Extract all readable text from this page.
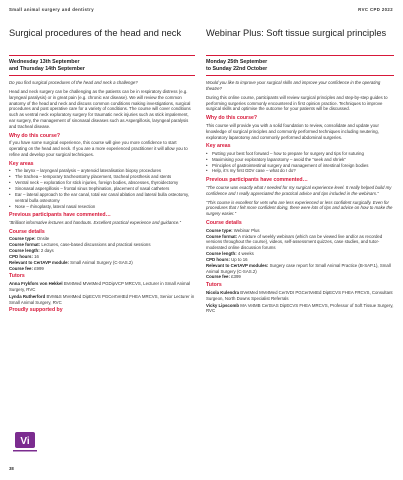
Small animal surgery and dentistry	RVC CPD 2022
Surgical procedures of the head and neck
Wednesday 13th September
and Thursday 14th September

Do you find surgical procedures of the head and neck a challenge?

Head and neck surgery can be challenging as the patients can be in respiratory distress (e.g. laryngeal paralysis) or in great pain (e.g. chronic ear disease). We will review the common anatomy of the head and neck and discuss common conditions making investigations, surgical procedures and post operative care for a variety of conditions. The course will cover conditions such as ventral neck exploratory surgery for traumatic neck injuries such as stick impalement, ear surgery, the management of sinonasal diseases such as Aspergillosis, laryngeal paralysis and tracheal disease.

Why do this course?

If you have some surgical experience, this course will give you more confidence to start operating on the head and neck. If you are a more experienced practitioner it will allow you to refine and develop your surgical techniques.

Key areas
• The larynx – laryngeal paralysis – arytenoid lateralisation biopsy procedures
• The trachea – temporary tracheostomy placement, tracheal prosthesis and stents
• Ventral neck – exploration for stick injuries, foreign bodies, abscesses, thyroidectomy
• Sinonasal aspergillosis – frontal sinus trephination, placement of nasal catheters
• Ear – lateral approach to the ear canal, total ear canal ablation and lateral bulla osteotomy, ventral bulla osteotomy
• Nose – rhinoplasty, lateral nasal resection
Previous participants have commented…

“Brilliant informative lectures and handouts. Excellent practical experience and guidance.”

Course details
Course type: Onsite
Course format: Lectures, case-based discussions and practical sessions
Course length: 2 days
CPD hours: 16
Relevant to CertAVP module: Small Animal Surgery (C-SAS.2)
Course fee: £999
Tutors
Anna Frykfors von Hekkel BVetMed MVetMed PGDipVCP MRCVS, Lecturer in Small Animal Surgery, RVC
Lynda Rutherford BVM&S MVetMed DipECVS PGCertVetEd FHEA MRCVS, Senior Lecturer in Small Animal Surgery, RVC
Proudly supported by
Vi
Webinar Plus: Soft tissue surgical principles
Monday 25th September
to Sunday 22nd October

Would you like to improve your surgical skills and improve your confidence in the operating theatre?

During this online course, participants will review surgical principles and step-by-step guides to performing surgeries commonly encountered in first opinion practice. Techniques to improve surgical skills and optimise the outcome for your patients will be discussed.

Why do this course?

This course will provide you with a solid foundation to review, consolidate and update your knowledge of surgical principles and commonly performed techniques including neutering, exploratory laparotomy and commonly performed abdominal surgeries.

Key areas
• Putting your best foot forward – how to prepare for surgery and tips for suturing
• Maximising your exploratory laparotomy – avoid the “seek and shriek”
• Principles of gastrointestinal surgery and management of intestinal foreign bodies
• Help, it’s my first GDV case – what do I do?
Previous participants have commented…

“The course was exactly what I needed for my surgical experience level. It really helped build my confidence and I really appreciated the practical advice and tips included in the webinars.”

“This course is excellent for vets who are less experienced or less confident surgically. Even for procedures that I felt more confident doing, there were lots of tips and advice on how to make the surgery easier.”

Course details
Course type: Webinar Plus
Course format: A mixture of weekly webinars (which can be viewed live and/or as recorded versions throughout the course), videos, self-assessment quizzes, case studies, and tutor-moderated online discussion forums
Course length: 4 weeks
CPD hours: Up to 16
Relevant to CertAVP modules: Surgery case report for Small Animal Practice (B-SAP.1), Small Animal Surgery (C-SAS.2)
Course fee: £399
Tutors
Nicola Kulendra BVetMed MVetMed CertVDI PGCertVetEd DipECVS FHEA FRCVS, Consultant Surgeon, North Downs Specialist Referrals
Vicky Lipscomb MA VetMB CertSAS DipECVS FHEA MRCVS, Professor of Soft Tissue Surgery, RVC
38
